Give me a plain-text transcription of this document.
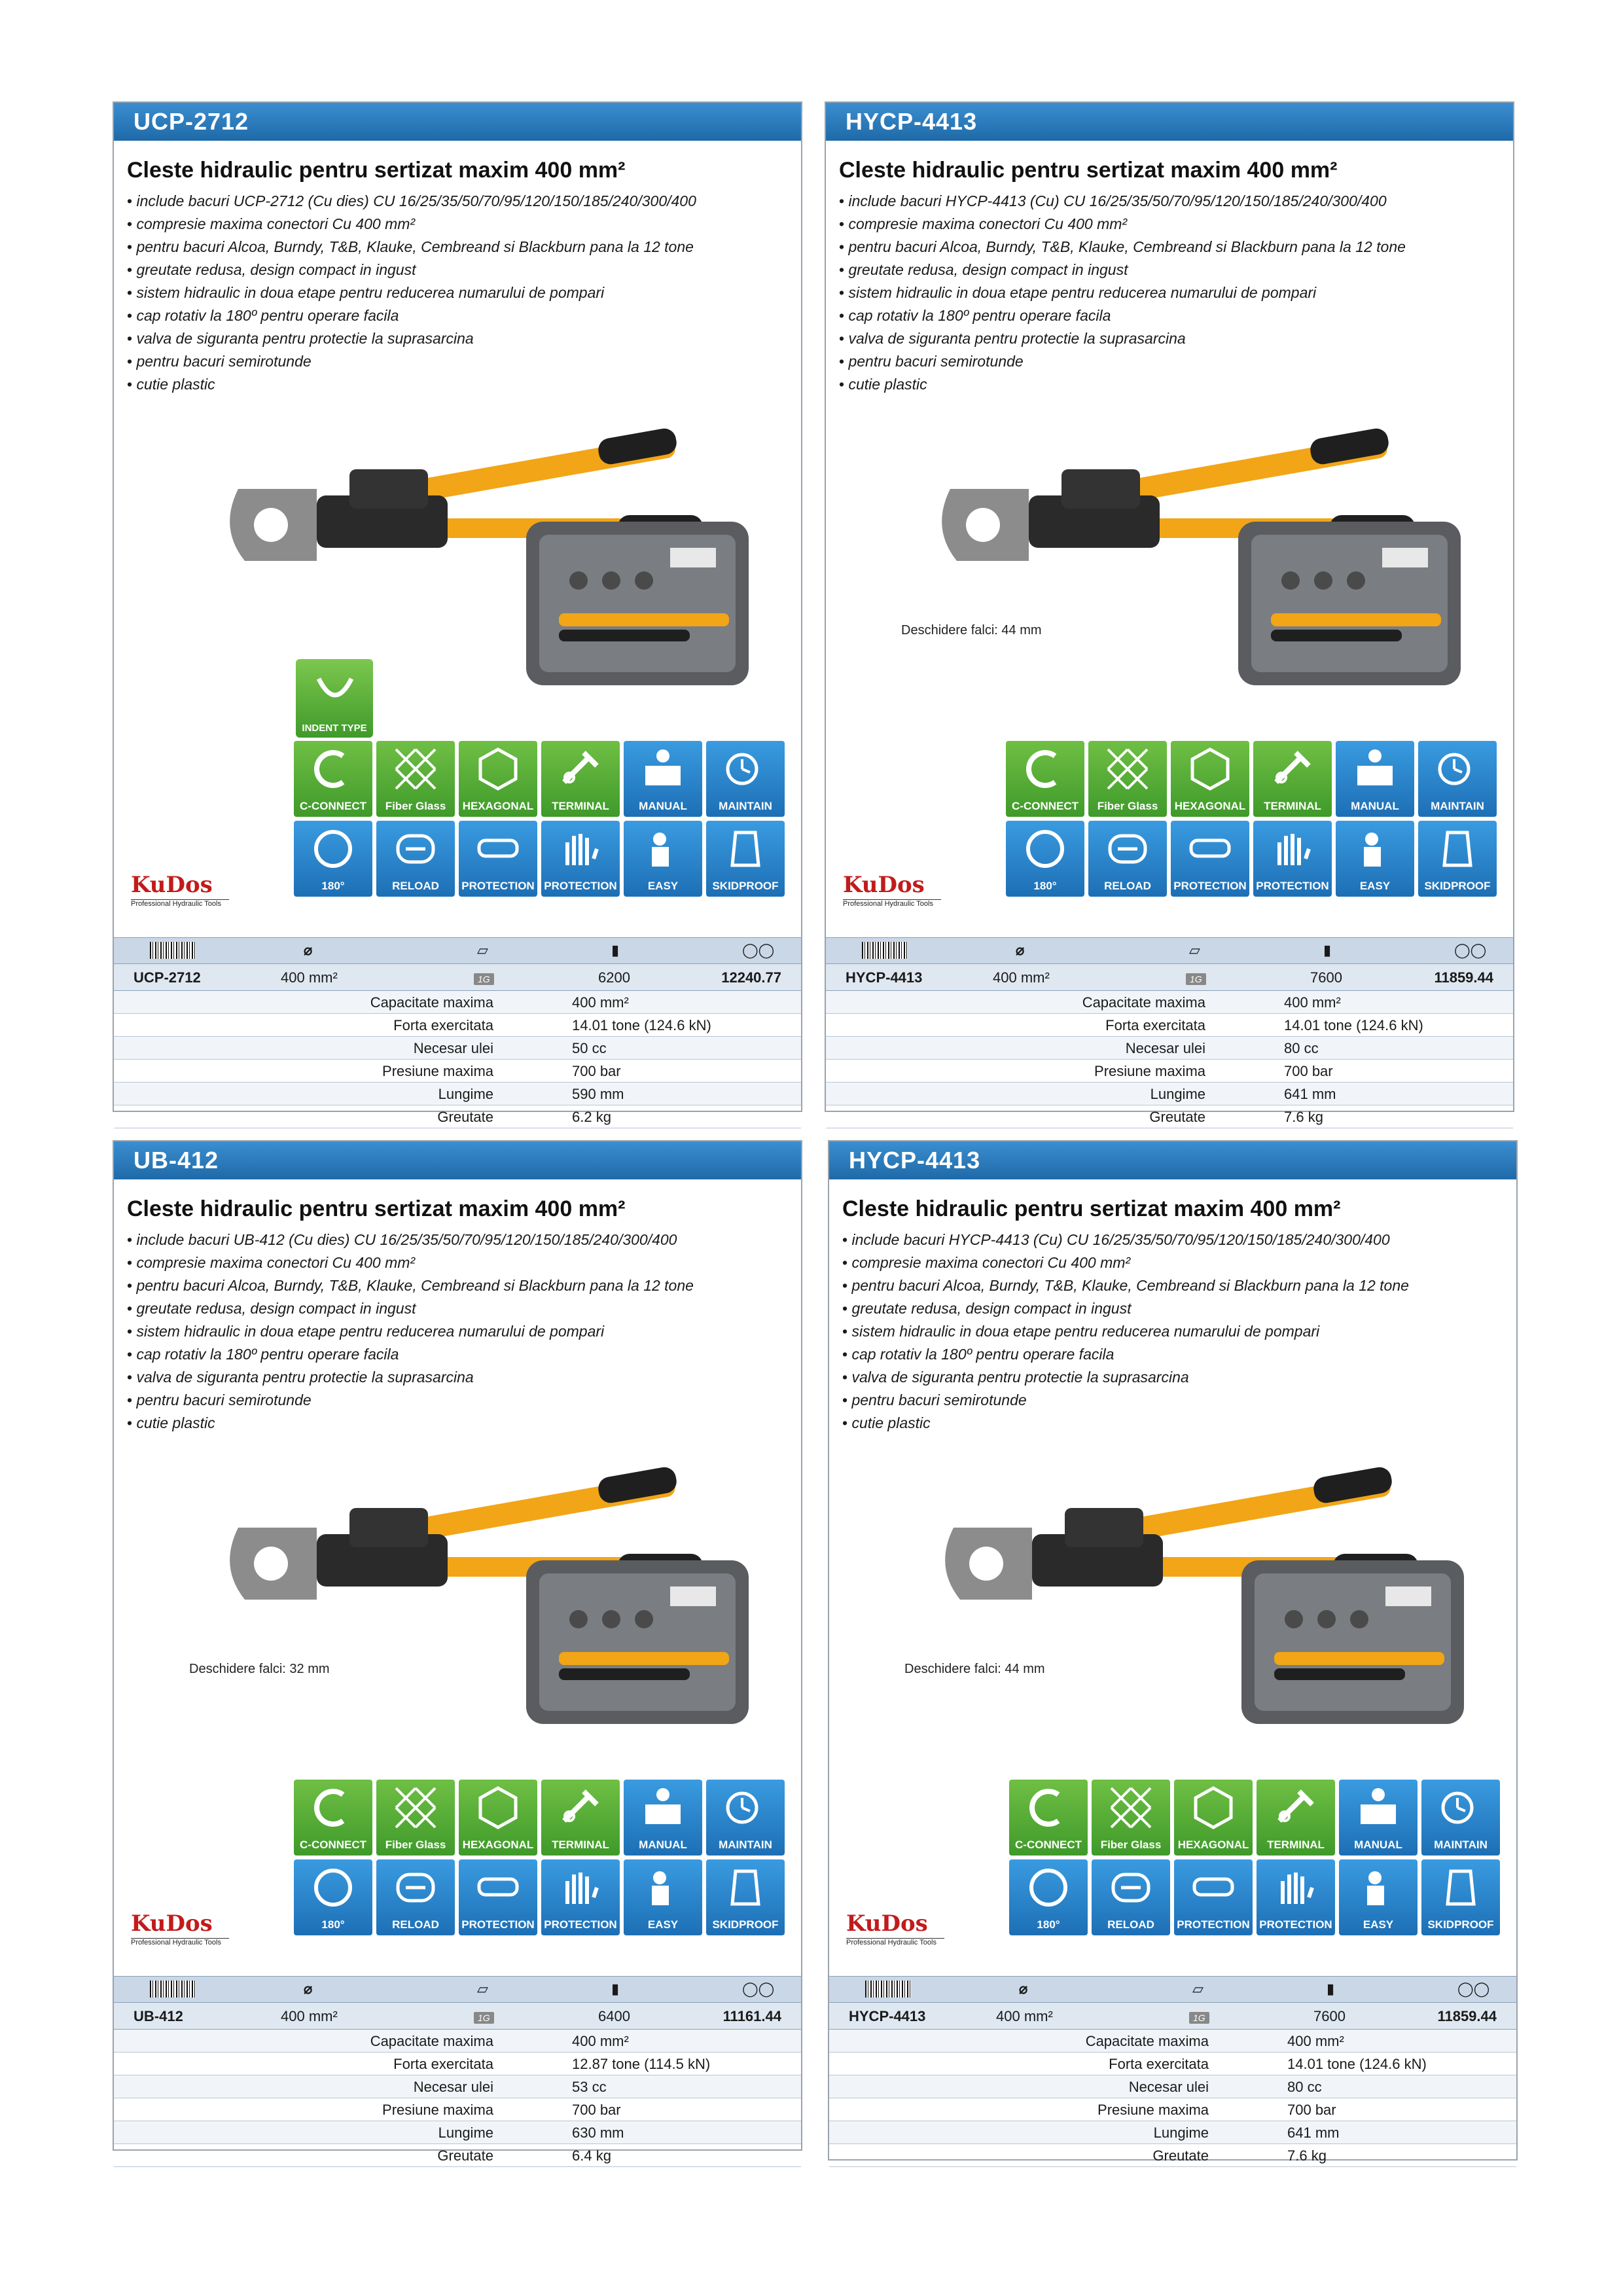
UCP-2712
Cleste hidraulic pentru sertizat maxim 400 mm²
• include bacuri UCP-2712 (Cu dies) CU 16/25/35/50/70/95/120/150/185/240/300/400
• compresie maxima conectori Cu 400 mm²
• pentru bacuri Alcoa, Burndy, T&B, Klauke, Cembreand si Blackburn pana la 12 tone
• greutate redusa, design compact in ingust
• sistem hidraulic in doua etape pentru reducerea numarului de pompari
• cap rotativ la 180º pentru operare facila
• valva de siguranta pentru protectie la suprasarcina
• pentru bacuri semirotunde
• cutie plastic
INDENT TYPE
C-CONNECT	Fiber Glass	HEXAGONAL	TERMINAL	MANUAL	MAINTAIN
180°	RELOAD	PROTECTION PROTECTION	EASY	SKIDPROOF
KuDos
Professional Hydraulic Tools
⌀	▱	▮	◯◯
UCP-2712	400 mm²	1G	6200	12240.77
Capacitate maxima	400 mm²
Forta exercitata	14.01 tone (124.6 kN)
Necesar ulei	50 cc
Presiune maxima	700 bar
Lungime	590 mm
Greutate	6.2 kg
HYCP-4413
Cleste hidraulic pentru sertizat maxim 400 mm²
• include bacuri HYCP-4413 (Cu) CU 16/25/35/50/70/95/120/150/185/240/300/400
• compresie maxima conectori Cu 400 mm²
• pentru bacuri Alcoa, Burndy, T&B, Klauke, Cembreand si Blackburn pana la 12 tone
• greutate redusa, design compact in ingust
• sistem hidraulic in doua etape pentru reducerea numarului de pompari
• cap rotativ la 180º pentru operare facila
• valva de siguranta pentru protectie la suprasarcina
• pentru bacuri semirotunde
• cutie plastic
Deschidere falci: 44 mm
C-CONNECT	Fiber Glass	HEXAGONAL	TERMINAL	MANUAL	MAINTAIN
180°	RELOAD	PROTECTION PROTECTION	EASY	SKIDPROOF
KuDos
Professional Hydraulic Tools
⌀	▱	▮	◯◯
HYCP-4413	400 mm²	1G	7600	11859.44
Capacitate maxima	400 mm²
Forta exercitata	14.01 tone (124.6 kN)
Necesar ulei	80 cc
Presiune maxima	700 bar
Lungime	641 mm
Greutate	7.6 kg
UB-412
Cleste hidraulic pentru sertizat maxim 400 mm²
• include bacuri UB-412 (Cu dies) CU 16/25/35/50/70/95/120/150/185/240/300/400
• compresie maxima conectori Cu 400 mm²
• pentru bacuri Alcoa, Burndy, T&B, Klauke, Cembreand si Blackburn pana la 12 tone
• greutate redusa, design compact in ingust
• sistem hidraulic in doua etape pentru reducerea numarului de pompari
• cap rotativ la 180º pentru operare facila
• valva de siguranta pentru protectie la suprasarcina
• pentru bacuri semirotunde
• cutie plastic
Deschidere falci: 32 mm
C-CONNECT	Fiber Glass	HEXAGONAL	TERMINAL	MANUAL	MAINTAIN
180°	RELOAD	PROTECTION PROTECTION	EASY	SKIDPROOF
KuDos
Professional Hydraulic Tools
⌀	▱	▮	◯◯
UB-412	400 mm²	1G	6400	11161.44
Capacitate maxima	400 mm²
Forta exercitata	12.87 tone (114.5 kN)
Necesar ulei	53 cc
Presiune maxima	700 bar
Lungime	630 mm
Greutate	6.4 kg
HYCP-4413
Cleste hidraulic pentru sertizat maxim 400 mm²
• include bacuri HYCP-4413 (Cu) CU 16/25/35/50/70/95/120/150/185/240/300/400
• compresie maxima conectori Cu 400 mm²
• pentru bacuri Alcoa, Burndy, T&B, Klauke, Cembreand si Blackburn pana la 12 tone
• greutate redusa, design compact in ingust
• sistem hidraulic in doua etape pentru reducerea numarului de pompari
• cap rotativ la 180º pentru operare facila
• valva de siguranta pentru protectie la suprasarcina
• pentru bacuri semirotunde
• cutie plastic
Deschidere falci: 44 mm
C-CONNECT	Fiber Glass	HEXAGONAL	TERMINAL	MANUAL	MAINTAIN
180°	RELOAD	PROTECTION PROTECTION	EASY	SKIDPROOF
KuDos
Professional Hydraulic Tools
⌀	▱	▮	◯◯
HYCP-4413	400 mm²	1G	7600	11859.44
Capacitate maxima	400 mm²
Forta exercitata	14.01 tone (124.6 kN)
Necesar ulei	80 cc
Presiune maxima	700 bar
Lungime	641 mm
Greutate	7.6 kg
